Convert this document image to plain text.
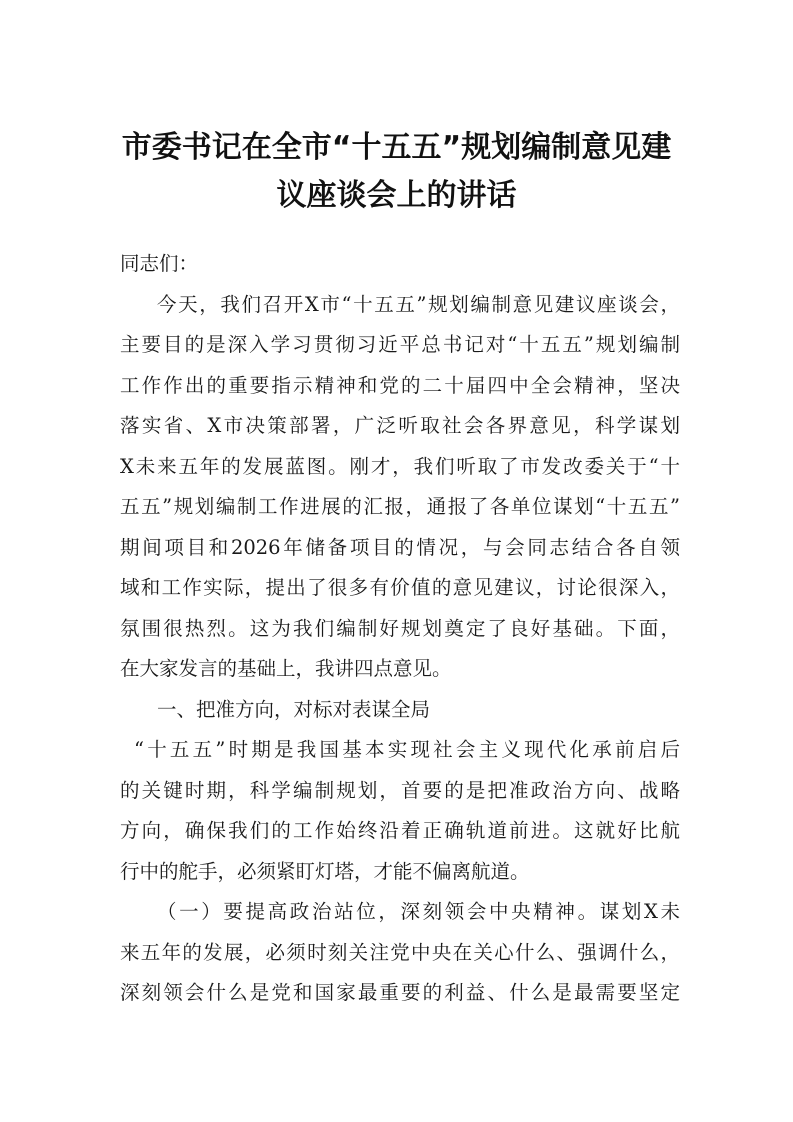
市委书记在全市“十五五”规划编制意见建
议座谈会上的讲话
同志们：
今天，我们召开X市“十五五”规划编制意见建议座谈会，
主要目的是深入学习贯彻习近平总书记对“十五五”规划编制
工作作出的重要指示精神和党的二十届四中全会精神，坚决
落实省、X市决策部署，广泛听取社会各界意见，科学谋划
X未来五年的发展蓝图。刚才，我们听取了市发改委关于“十
五五”规划编制工作进展的汇报，通报了各单位谋划“十五五”
期间项目和2026年储备项目的情况，与会同志结合各自领
域和工作实际，提出了很多有价值的意见建议，讨论很深入，
氛围很热烈。这为我们编制好规划奠定了良好基础。下面，
在大家发言的基础上，我讲四点意见。
一、把准方向，对标对表谋全局
“十五五”时期是我国基本实现社会主义现代化承前启后
的关键时期，科学编制规划，首要的是把准政治方向、战略
方向，确保我们的工作始终沿着正确轨道前进。这就好比航
行中的舵手，必须紧盯灯塔，才能不偏离航道。
（一）要提高政治站位，深刻领会中央精神。谋划X未
来五年的发展，必须时刻关注党中央在关心什么、强调什么，
深刻领会什么是党和国家最重要的利益、什么是最需要坚定
